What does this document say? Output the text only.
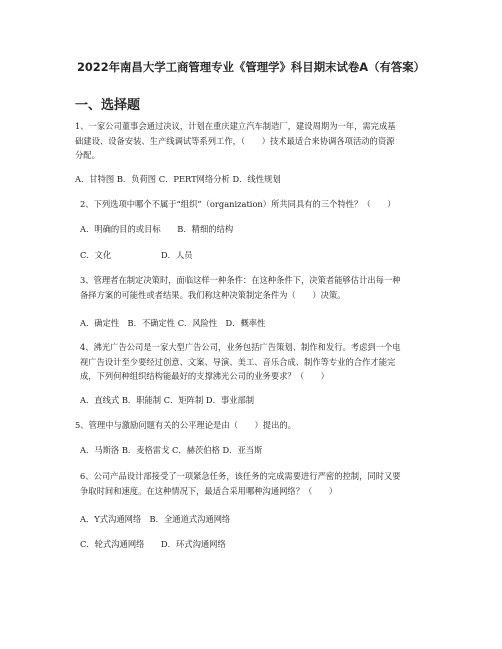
2022年南昌大学工商管理专业《管理学》科目期末试卷A（有答案）
一、选择题
1、一家公司董事会通过决议，计划在重庆建立汽车制造厂，建设周期为一年，需完成基
础建设、设备安装、生产线调试等系列工作，（　　）技术最适合来协调各项活动的资源
分配。
A．甘特图 B．负荷图 C．PERT网络分析 D．线性规划
2、下列选项中哪个不属于“组织”（organization）所共同具有的三个特性？（　　）
A．明确的目的或目标　　B．精细的结构
C．文化　　　　　　D．人员
3、管理者在制定决策时，面临这样一种条件：在这种条件下，决策者能够估计出每一种
备择方案的可能性或者结果。我们称这种决策制定条件为（　　）决策。
A．确定性　B．不确定性 C．风险性　D．概率性
4、沸光广告公司是一家大型广告公司，业务包括广告策划、制作和发行。考虑到一个电
视广告设计至少要经过创意、文案、导演、美工、音乐合成、制作等专业的合作才能完
成，下列何种组织结构能最好的支撑沸光公司的业务要求？（　　）
A．直线式 B．职能制 C．矩阵制 D．事业部制
5、管理中与激励问题有关的公平理论是由（　　）提出的。
A．马斯洛 B．麦格雷戈 C．赫茨伯格 D．亚当斯
6、公司产品设计部接受了一项紧急任务，该任务的完成需要进行严密的控制，同时又要
争取时间和速度。在这种情况下，最适合采用哪种沟通网络？（　　）
A．Y式沟通网络　B．全通道式沟通网络
C．轮式沟通网络　　D．环式沟通网络
